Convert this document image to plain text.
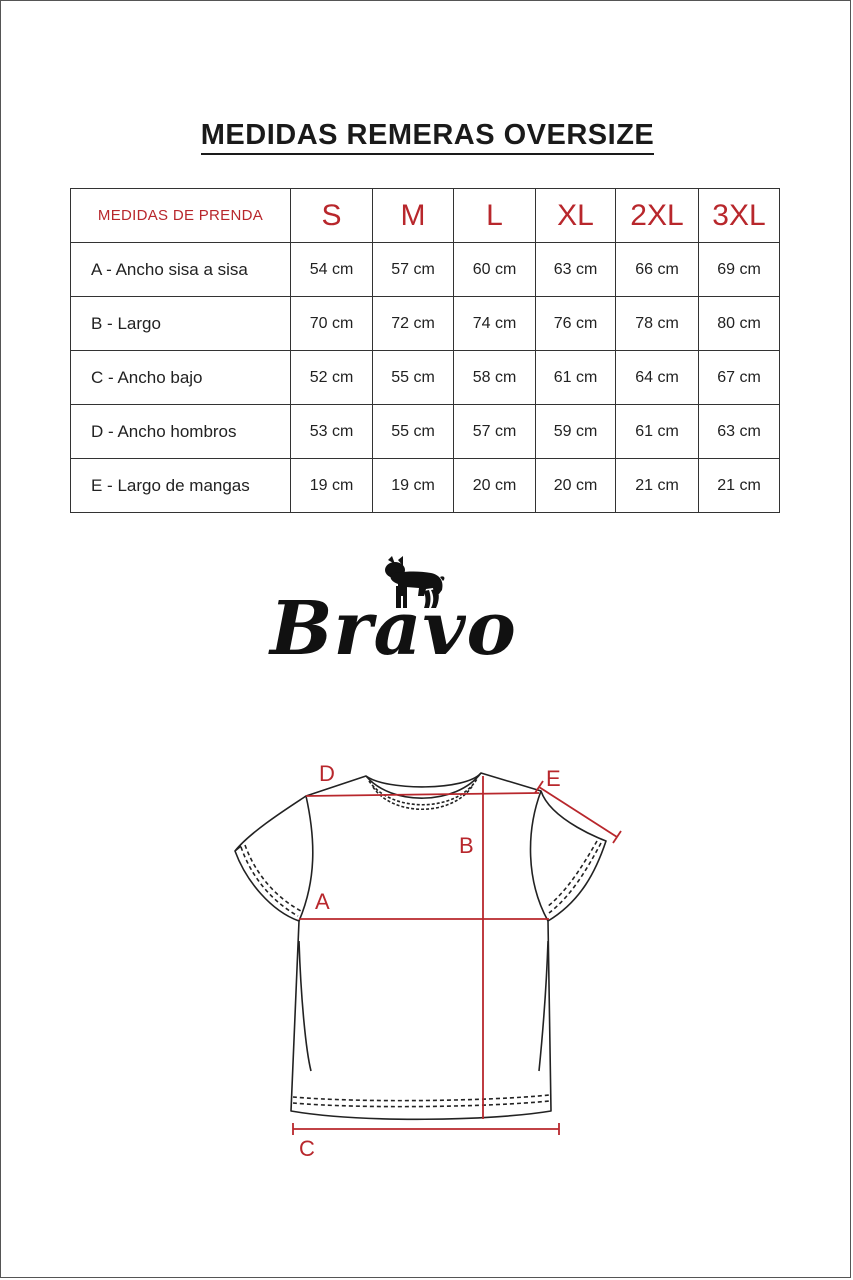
MEDIDAS REMERAS OVERSIZE
MEDIDAS DE PRENDA	S	M	L	XL	2XL	3XL
A - Ancho sisa a sisa	54 cm	57 cm	60 cm	63 cm	66 cm	69 cm
B - Largo	70 cm	72 cm	74 cm	76 cm	78 cm	80 cm
C - Ancho bajo	52 cm	55 cm	58 cm	61 cm	64 cm	67 cm
D - Ancho hombros	53 cm	55 cm	57 cm	59 cm	61 cm	63 cm
E - Largo de mangas	19 cm	19 cm	20 cm	20 cm	21 cm	21 cm
Bravo
D	E
B
A
C
